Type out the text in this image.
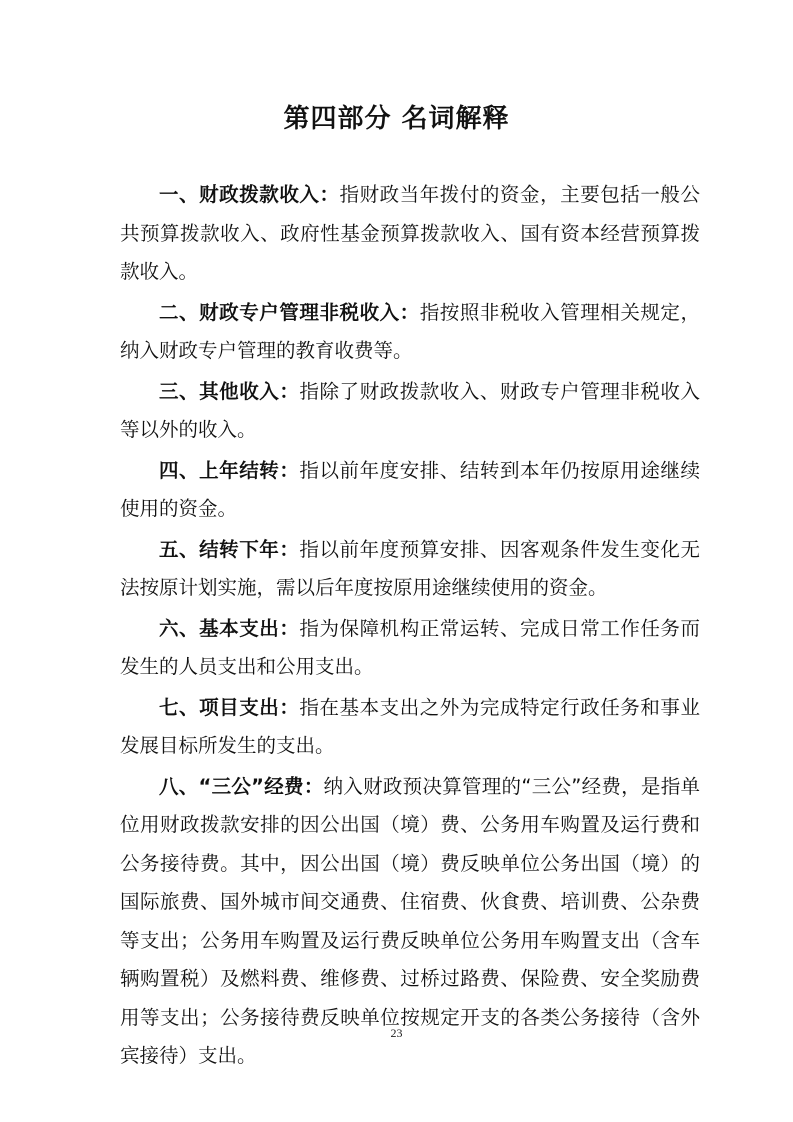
第四部分 名词解释

一、财政拨款收入：指财政当年拨付的资金，主要包括一般公共预算拨款收入、政府性基金预算拨款收入、国有资本经营预算拨款收入。

二、财政专户管理非税收入：指按照非税收入管理相关规定，纳入财政专户管理的教育收费等。

三、其他收入：指除了财政拨款收入、财政专户管理非税收入等以外的收入。

四、上年结转：指以前年度安排、结转到本年仍按原用途继续使用的资金。

五、结转下年：指以前年度预算安排、因客观条件发生变化无法按原计划实施，需以后年度按原用途继续使用的资金。

六、基本支出：指为保障机构正常运转、完成日常工作任务而发生的人员支出和公用支出。

七、项目支出：指在基本支出之外为完成特定行政任务和事业发展目标所发生的支出。

八、“三公”经费：纳入财政预决算管理的“三公”经费，是指单位用财政拨款安排的因公出国（境）费、公务用车购置及运行费和公务接待费。其中，因公出国（境）费反映单位公务出国（境）的国际旅费、国外城市间交通费、住宿费、伙食费、培训费、公杂费等支出；公务用车购置及运行费反映单位公务用车购置支出（含车辆购置税）及燃料费、维修费、过桥过路费、保险费、安全奖励费用等支出；公务接待费反映单位按规定开支的各类公务接待（含外宾接待）支出。

23
